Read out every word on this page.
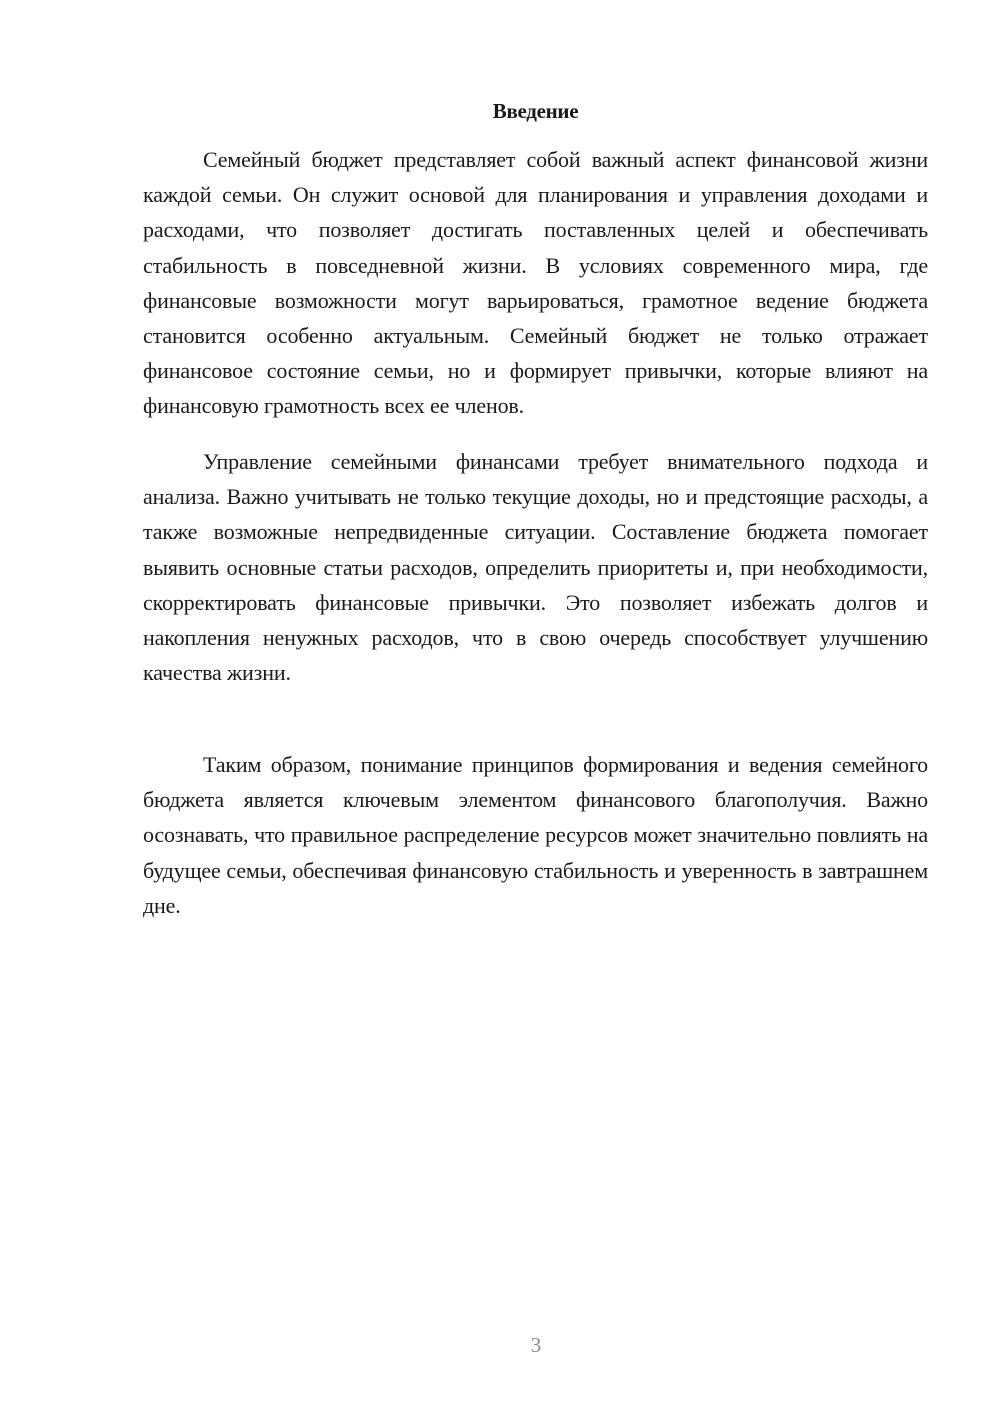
Введение

Семейный бюджет представляет собой важный аспект финансовой жизни каждой семьи. Он служит основой для планирования и управления доходами и расходами, что позволяет достигать поставленных целей и обеспечивать стабильность в повседневной жизни. В условиях современного мира, где финансовые возможности могут варьироваться, грамотное ведение бюджета становится особенно актуальным. Семейный бюджет не только отражает финансовое состояние семьи, но и формирует привычки, которые влияют на финансовую грамотность всех ее членов.

Управление семейными финансами требует внимательного подхода и анализа. Важно учитывать не только текущие доходы, но и предстоящие расходы, а также возможные непредвиденные ситуации. Составление бюджета помогает выявить основные статьи расходов, определить приоритеты и, при необходимости, скорректировать финансовые привычки. Это позволяет избежать долгов и накопления ненужных расходов, что в свою очередь способствует улучшению качества жизни.

Таким образом, понимание принципов формирования и ведения семейного бюджета является ключевым элементом финансового благополучия. Важно осознавать, что правильное распределение ресурсов может значительно повлиять на будущее семьи, обеспечивая финансовую стабильность и уверенность в завтрашнем дне.

3
